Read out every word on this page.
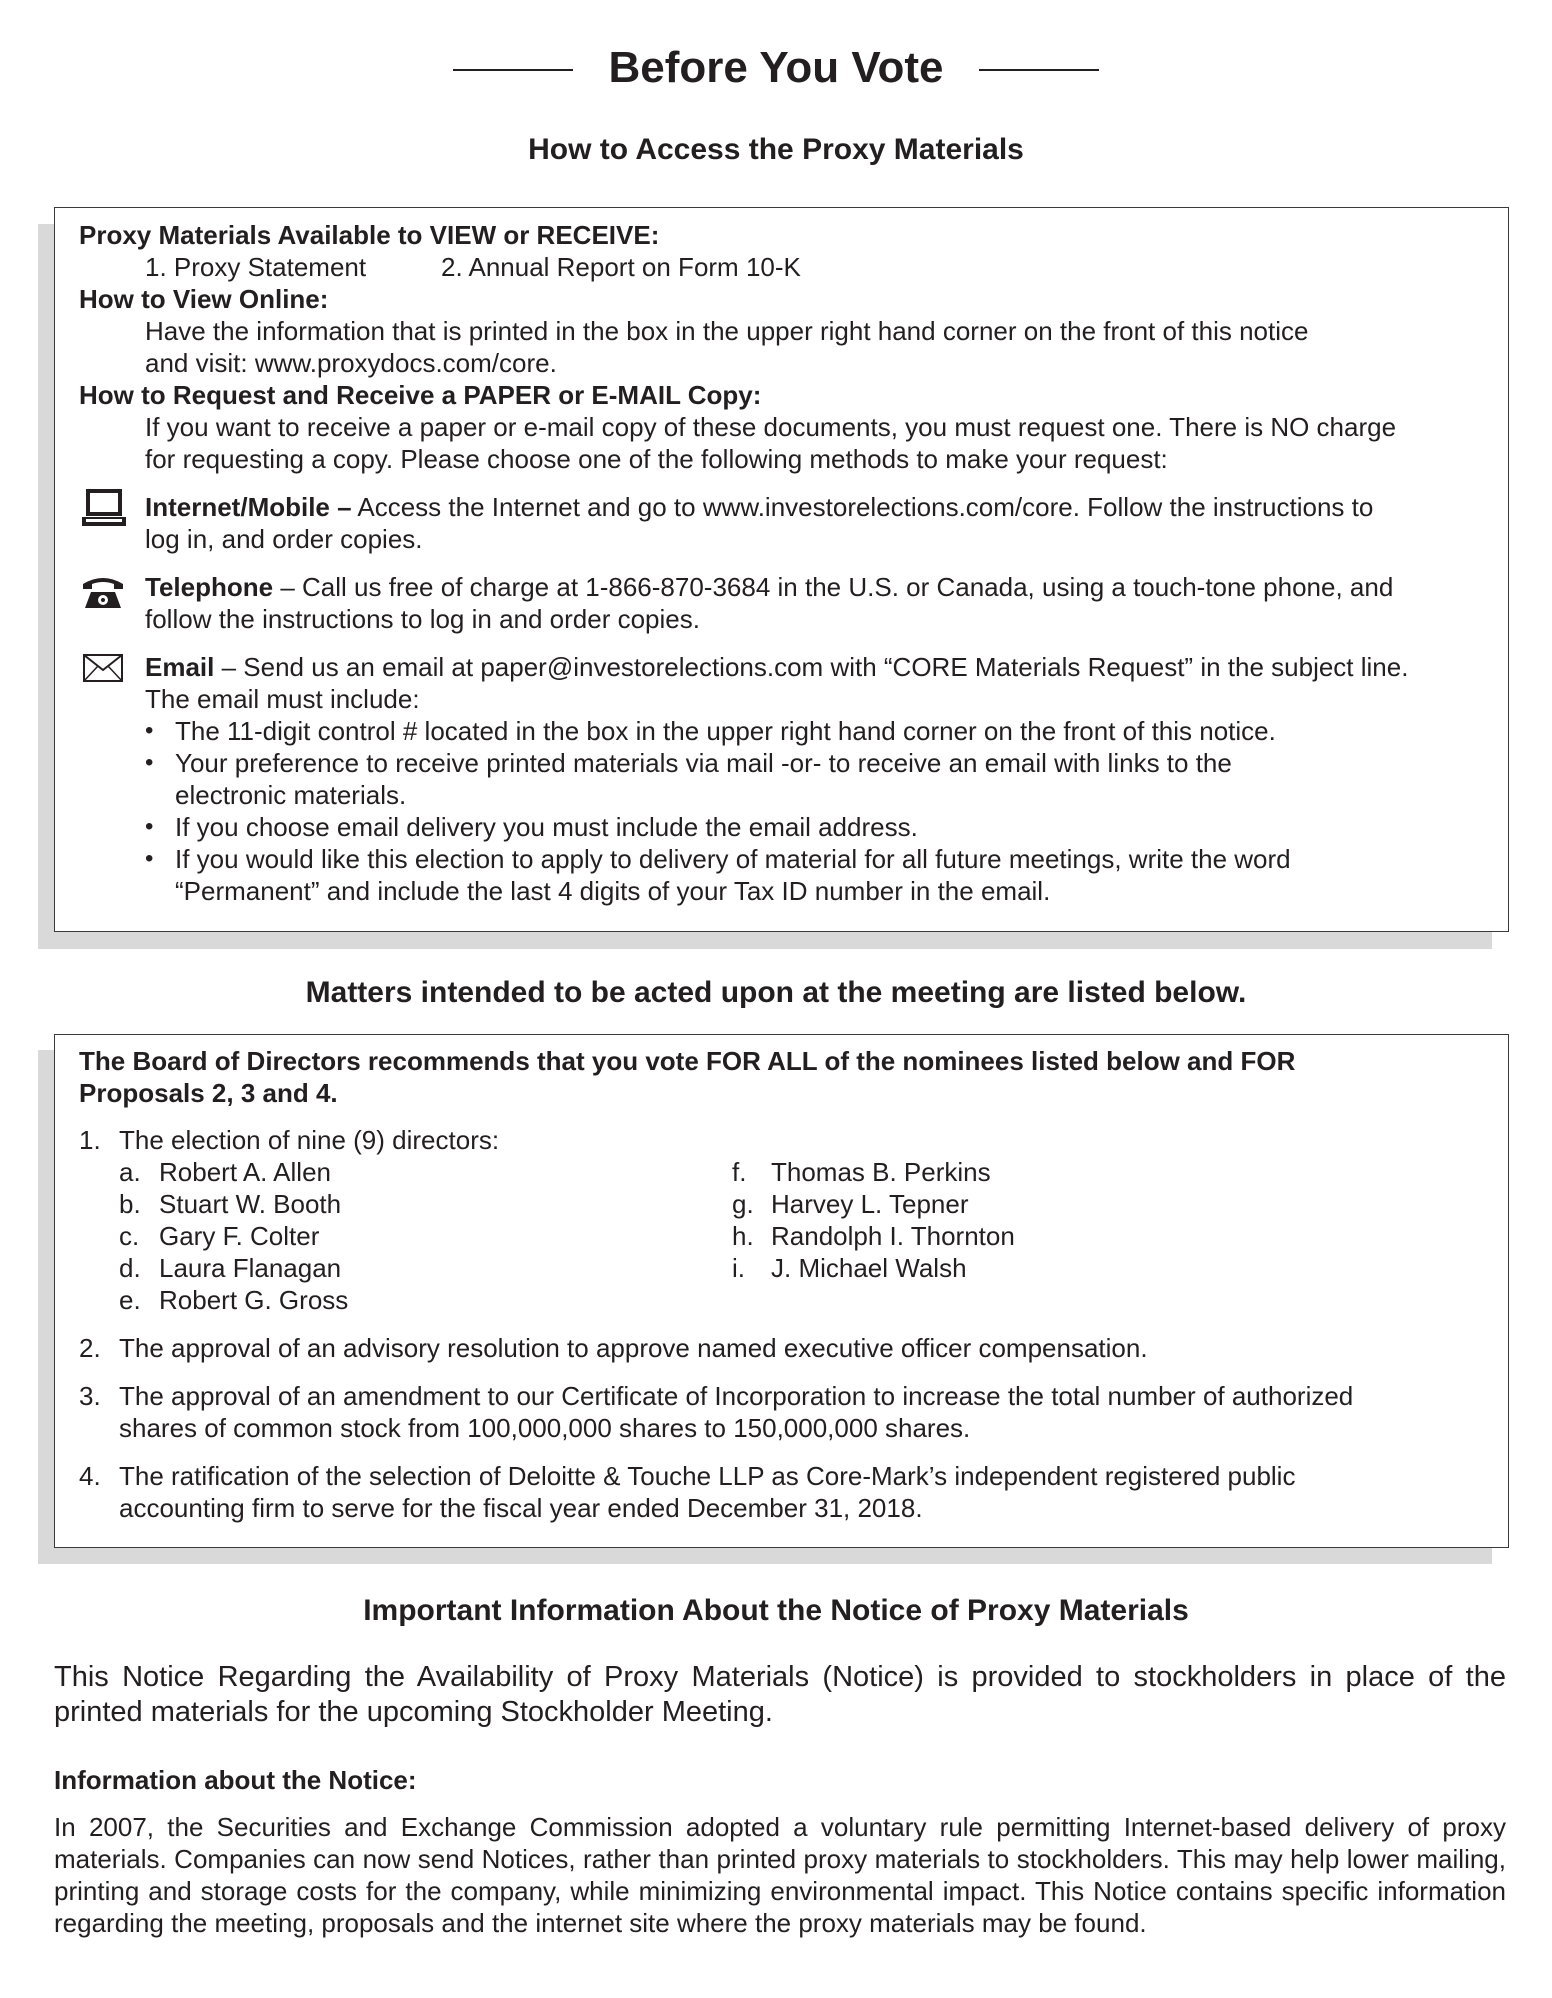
Before You Vote
How to Access the Proxy Materials
Proxy Materials Available to VIEW or RECEIVE:
1. Proxy Statement	2. Annual Report on Form 10-K
How to View Online:
Have the information that is printed in the box in the upper right hand corner on the front of this notice
and visit: www.proxydocs.com/core.
How to Request and Receive a PAPER or E-MAIL Copy:
If you want to receive a paper or e-mail copy of these documents, you must request one. There is NO charge
for requesting a copy. Please choose one of the following methods to make your request:
Internet/Mobile – Access the Internet and go to www.investorelections.com/core. Follow the instructions to
log in, and order copies.
Telephone – Call us free of charge at 1-866-870-3684 in the U.S. or Canada, using a touch-tone phone, and
follow the instructions to log in and order copies.
Email – Send us an email at paper@investorelections.com with “CORE Materials Request” in the subject line.
The email must include:
• The 11-digit control # located in the box in the upper right hand corner on the front of this notice.
• Your preference to receive printed materials via mail -or- to receive an email with links to the
electronic materials.
• If you choose email delivery you must include the email address.
• If you would like this election to apply to delivery of material for all future meetings, write the word
“Permanent” and include the last 4 digits of your Tax ID number in the email.
Matters intended to be acted upon at the meeting are listed below.
The Board of Directors recommends that you vote FOR ALL of the nominees listed below and FOR
Proposals 2, 3 and 4.
1. The election of nine (9) directors:
a. Robert A. Allen
b. Stuart W. Booth
c. Gary F. Colter
d. Laura Flanagan
e. Robert G. Gross
f. Thomas B. Perkins
g. Harvey L. Tepner
h. Randolph I. Thornton
i. J. Michael Walsh
2. The approval of an advisory resolution to approve named executive officer compensation.
3. The approval of an amendment to our Certificate of Incorporation to increase the total number of authorized
shares of common stock from 100,000,000 shares to 150,000,000 shares.
4. The ratification of the selection of Deloitte & Touche LLP as Core-Mark’s independent registered public
accounting firm to serve for the fiscal year ended December 31, 2018.
Important Information About the Notice of Proxy Materials
This Notice Regarding the Availability of Proxy Materials (Notice) is provided to stockholders in place of the printed materials for the upcoming Stockholder Meeting.
Information about the Notice:
In 2007, the Securities and Exchange Commission adopted a voluntary rule permitting Internet-based delivery of proxy materials. Companies can now send Notices, rather than printed proxy materials to stockholders. This may help lower mailing, printing and storage costs for the company, while minimizing environmental impact. This Notice contains specific information regarding the meeting, proposals and the internet site where the proxy materials may be found.
